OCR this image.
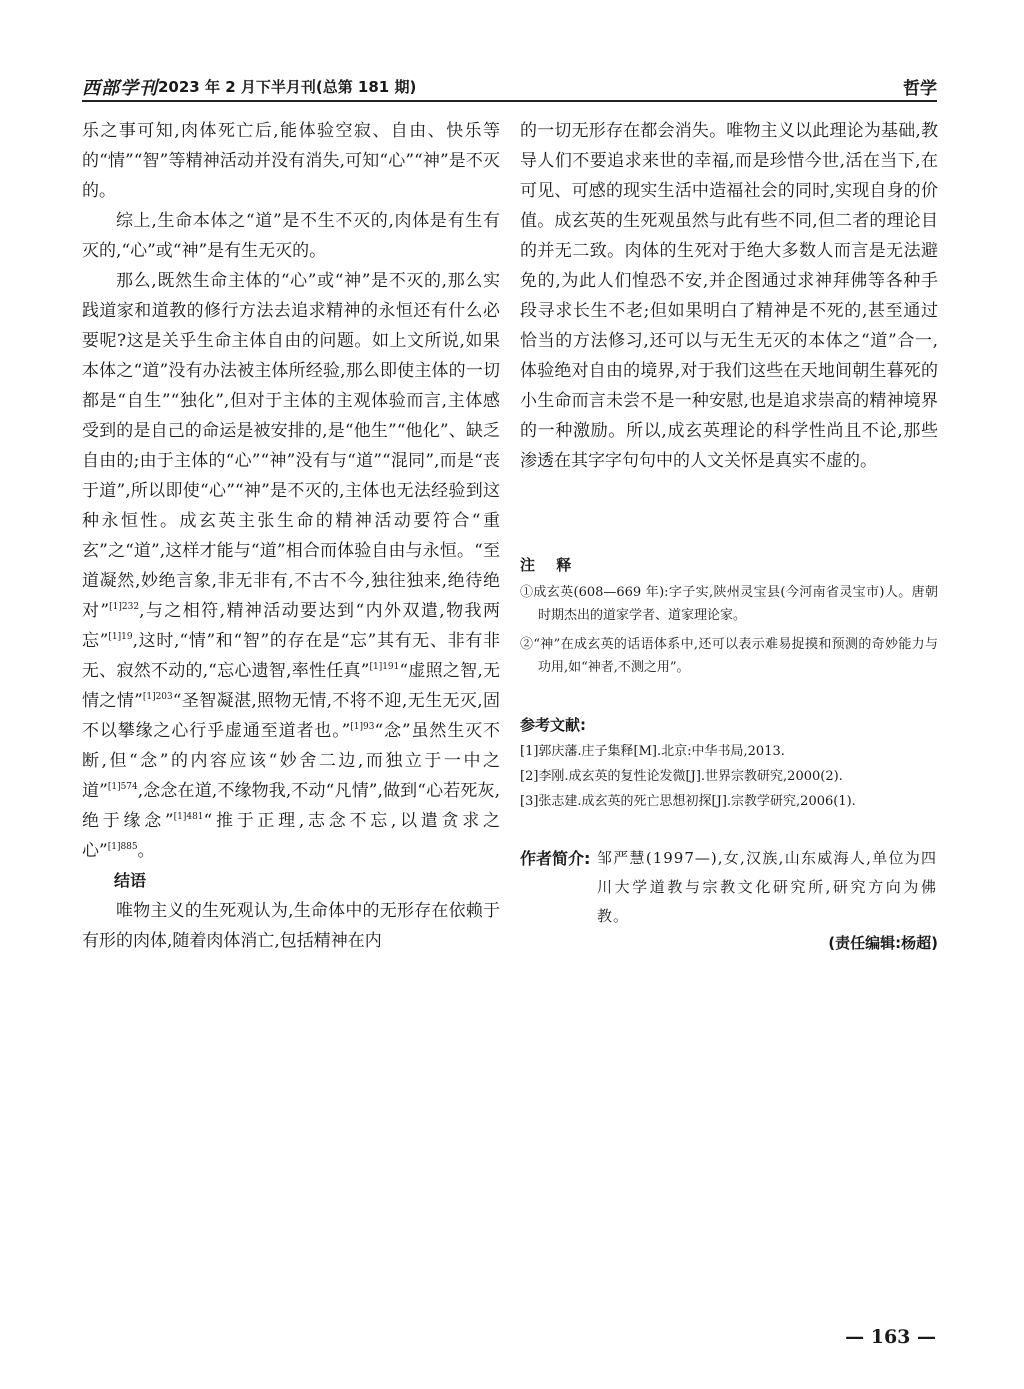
西部学刊 2023 年 2 月下半月刊(总第 181 期)	哲学

乐之事可知,肉体死亡后,能体验空寂、自由、快乐等的“情”“智”等精神活动并没有消失,可知“心”“神”是不灭的。

综上,生命本体之“道”是不生不灭的,肉体是有生有灭的,“心”或“神”是有生无灭的。

那么,既然生命主体的“心”或“神”是不灭的,那么实践道家和道教的修行方法去追求精神的永恒还有什么必要呢?这是关乎生命主体自由的问题。如上文所说,如果本体之“道”没有办法被主体所经验,那么即使主体的一切都是“自生”“独化”,但对于主体的主观体验而言,主体感受到的是自己的命运是被安排的,是“他生”“他化”、缺乏自由的;由于主体的“心”“神”没有与“道”“混同”,而是“丧于道”,所以即使“心”“神”是不灭的,主体也无法经验到这种永恒性。成玄英主张生命的精神活动要符合“重玄”之“道”,这样才能与“道”相合而体验自由与永恒。“至道凝然,妙绝言象,非无非有,不古不今,独往独来,绝待绝对”$^{[1]232}$,与之相符,精神活动要达到“内外双遣,物我两忘”$^{[1]19}$,这时,“情”和“智”的存在是“忘”其有无、非有非无、寂然不动的,“忘心遗智,率性任真”$^{[1]191}$“虚照之智,无情之情”$^{[1]203}$“圣智凝湛,照物无情,不将不迎,无生无灭,固不以攀缘之心行乎虚通至道者也。”$^{[1]93}$“念”虽然生灭不断,但“念”的内容应该“妙舍二边,而独立于一中之道”$^{[1]574}$,念念在道,不缘物我,不动“凡情”,做到“心若死灰,绝于缘念”$^{[1]481}$“推于正理,志念不忘,以遣贪求之心”$^{[1]885}$。

结语

唯物主义的生死观认为,生命体中的无形存在依赖于有形的肉体,随着肉体消亡,包括精神在内

的一切无形存在都会消失。唯物主义以此理论为基础,教导人们不要追求来世的幸福,而是珍惜今世,活在当下,在可见、可感的现实生活中造福社会的同时,实现自身的价值。成玄英的生死观虽然与此有些不同,但二者的理论目的并无二致。肉体的生死对于绝大多数人而言是无法避免的,为此人们惶恐不安,并企图通过求神拜佛等各种手段寻求长生不老;但如果明白了精神是不死的,甚至通过恰当的方法修习,还可以与无生无灭的本体之“道”合一,体验绝对自由的境界,对于我们这些在天地间朝生暮死的小生命而言未尝不是一种安慰,也是追求崇高的精神境界的一种激励。所以,成玄英理论的科学性尚且不论,那些渗透在其字字句句中的人文关怀是真实不虚的。

注 释
①成玄英(608—669 年):字子实,陕州灵宝县(今河南省灵宝市)人。唐朝时期杰出的道家学者、道家理论家。
②“神”在成玄英的话语体系中,还可以表示难易捉摸和预测的奇妙能力与功用,如“神者,不测之用”。
参考文献:
[1]郭庆藩.庄子集释[M].北京:中华书局,2013.
[2]李刚.成玄英的复性论发微[J].世界宗教研究,2000(2).
[3]张志建.成玄英的死亡思想初探[J].宗教学研究,2006(1).
作者简介: 邹严慧(1997—),女,汉族,山东威海人,单位为四川大学道教与宗教文化研究所,研究方向为佛教。
(责任编辑:杨超)
— 163 —
